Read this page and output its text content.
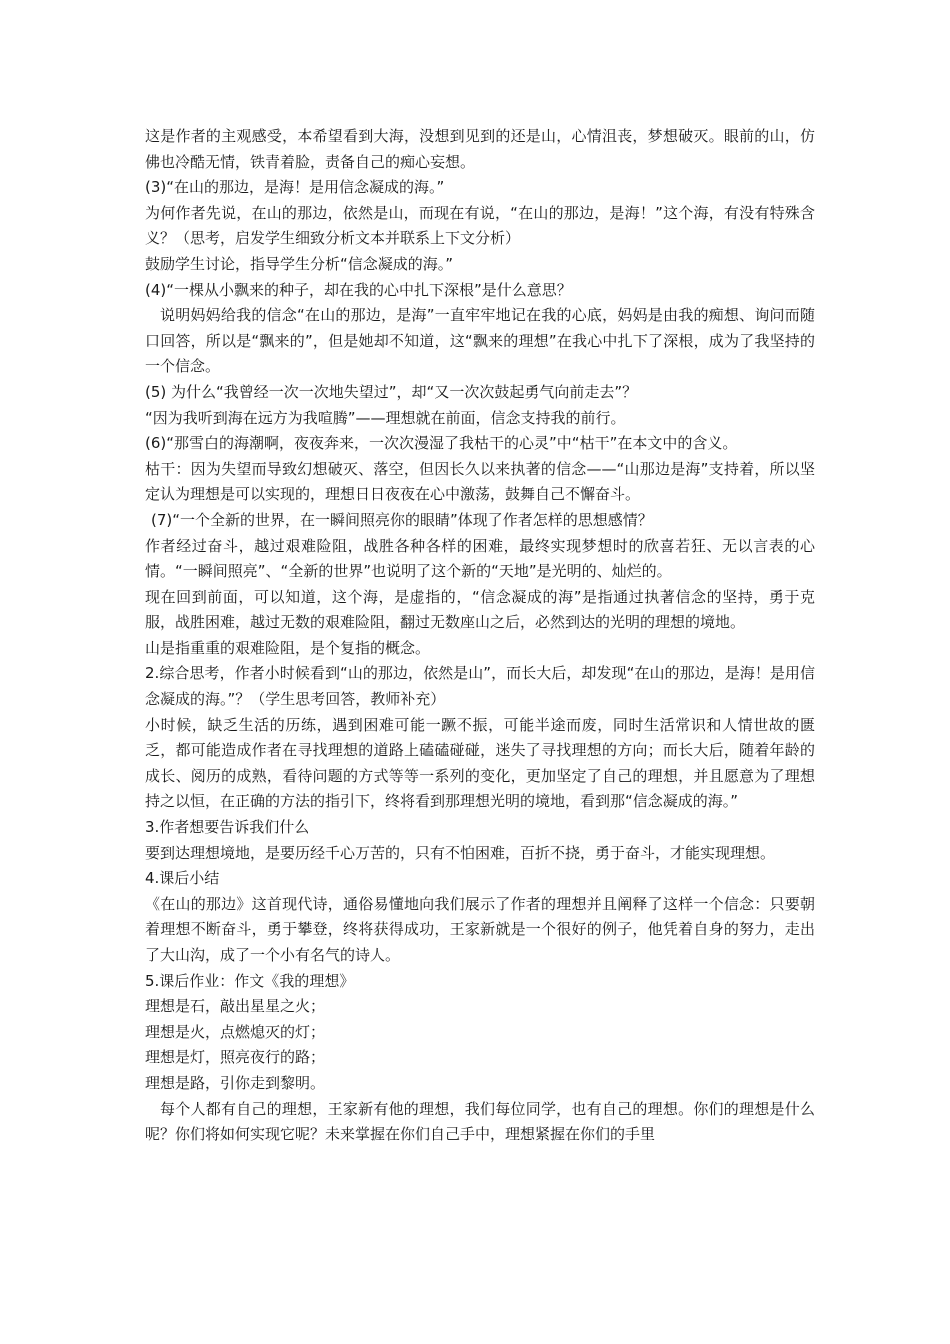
这是作者的主观感受，本希望看到大海，没想到见到的还是山，心情沮丧，梦想破灭。眼前的山，仿佛也冷酷无情，铁青着脸，责备自己的痴心妄想。

(3)“在山的那边，是海！是用信念凝成的海。”

为何作者先说，在山的那边，依然是山，而现在有说，“在山的那边，是海！”这个海，有没有特殊含义？（思考，启发学生细致分析文本并联系上下文分析）

鼓励学生讨论，指导学生分析“信念凝成的海。”

(4)“一棵从小飘来的种子，却在我的心中扎下深根”是什么意思？

说明妈妈给我的信念“在山的那边，是海”一直牢牢地记在我的心底，妈妈是由我的痴想、询问而随口回答，所以是“飘来的”，但是她却不知道，这“飘来的理想”在我心中扎下了深根，成为了我坚持的一个信念。

(5) 为什么“我曾经一次一次地失望过”，却“又一次次鼓起勇气向前走去”？

“因为我听到海在远方为我喧腾”——理想就在前面，信念支持我的前行。

(6)“那雪白的海潮啊，夜夜奔来，一次次漫湿了我枯干的心灵”中“枯干”在本文中的含义。

枯干：因为失望而导致幻想破灭、落空，但因长久以来执著的信念——“山那边是海”支持着，所以坚定认为理想是可以实现的，理想日日夜夜在心中激荡，鼓舞自己不懈奋斗。

(7)“一个全新的世界，在一瞬间照亮你的眼睛”体现了作者怎样的思想感情？

作者经过奋斗，越过艰难险阻，战胜各种各样的困难，最终实现梦想时的欣喜若狂、无以言表的心情。“一瞬间照亮”、“全新的世界”也说明了这个新的“天地”是光明的、灿烂的。

现在回到前面，可以知道，这个海，是虚指的，“信念凝成的海”是指通过执著信念的坚持，勇于克服，战胜困难，越过无数的艰难险阻，翻过无数座山之后，必然到达的光明的理想的境地。

山是指重重的艰难险阻，是个复指的概念。

2.综合思考，作者小时候看到“山的那边，依然是山”，而长大后，却发现“在山的那边，是海！是用信念凝成的海。”？（学生思考回答，教师补充）

小时候，缺乏生活的历练，遇到困难可能一蹶不振，可能半途而废，同时生活常识和人情世故的匮乏，都可能造成作者在寻找理想的道路上磕磕碰碰，迷失了寻找理想的方向；而长大后，随着年龄的成长、阅历的成熟，看待问题的方式等等一系列的变化，更加坚定了自己的理想，并且愿意为了理想持之以恒，在正确的方法的指引下，终将看到那理想光明的境地，看到那“信念凝成的海。”

3.作者想要告诉我们什么

要到达理想境地，是要历经千心万苦的，只有不怕困难，百折不挠，勇于奋斗，才能实现理想。

4.课后小结

《在山的那边》这首现代诗，通俗易懂地向我们展示了作者的理想并且阐释了这样一个信念：只要朝着理想不断奋斗，勇于攀登，终将获得成功，王家新就是一个很好的例子，他凭着自身的努力，走出了大山沟，成了一个小有名气的诗人。

5.课后作业：作文《我的理想》

理想是石，敲出星星之火；

理想是火，点燃熄灭的灯；

理想是灯，照亮夜行的路；

理想是路，引你走到黎明。

每个人都有自己的理想，王家新有他的理想，我们每位同学，也有自己的理想。你们的理想是什么呢？你们将如何实现它呢？未来掌握在你们自己手中，理想紧握在你们的手里
